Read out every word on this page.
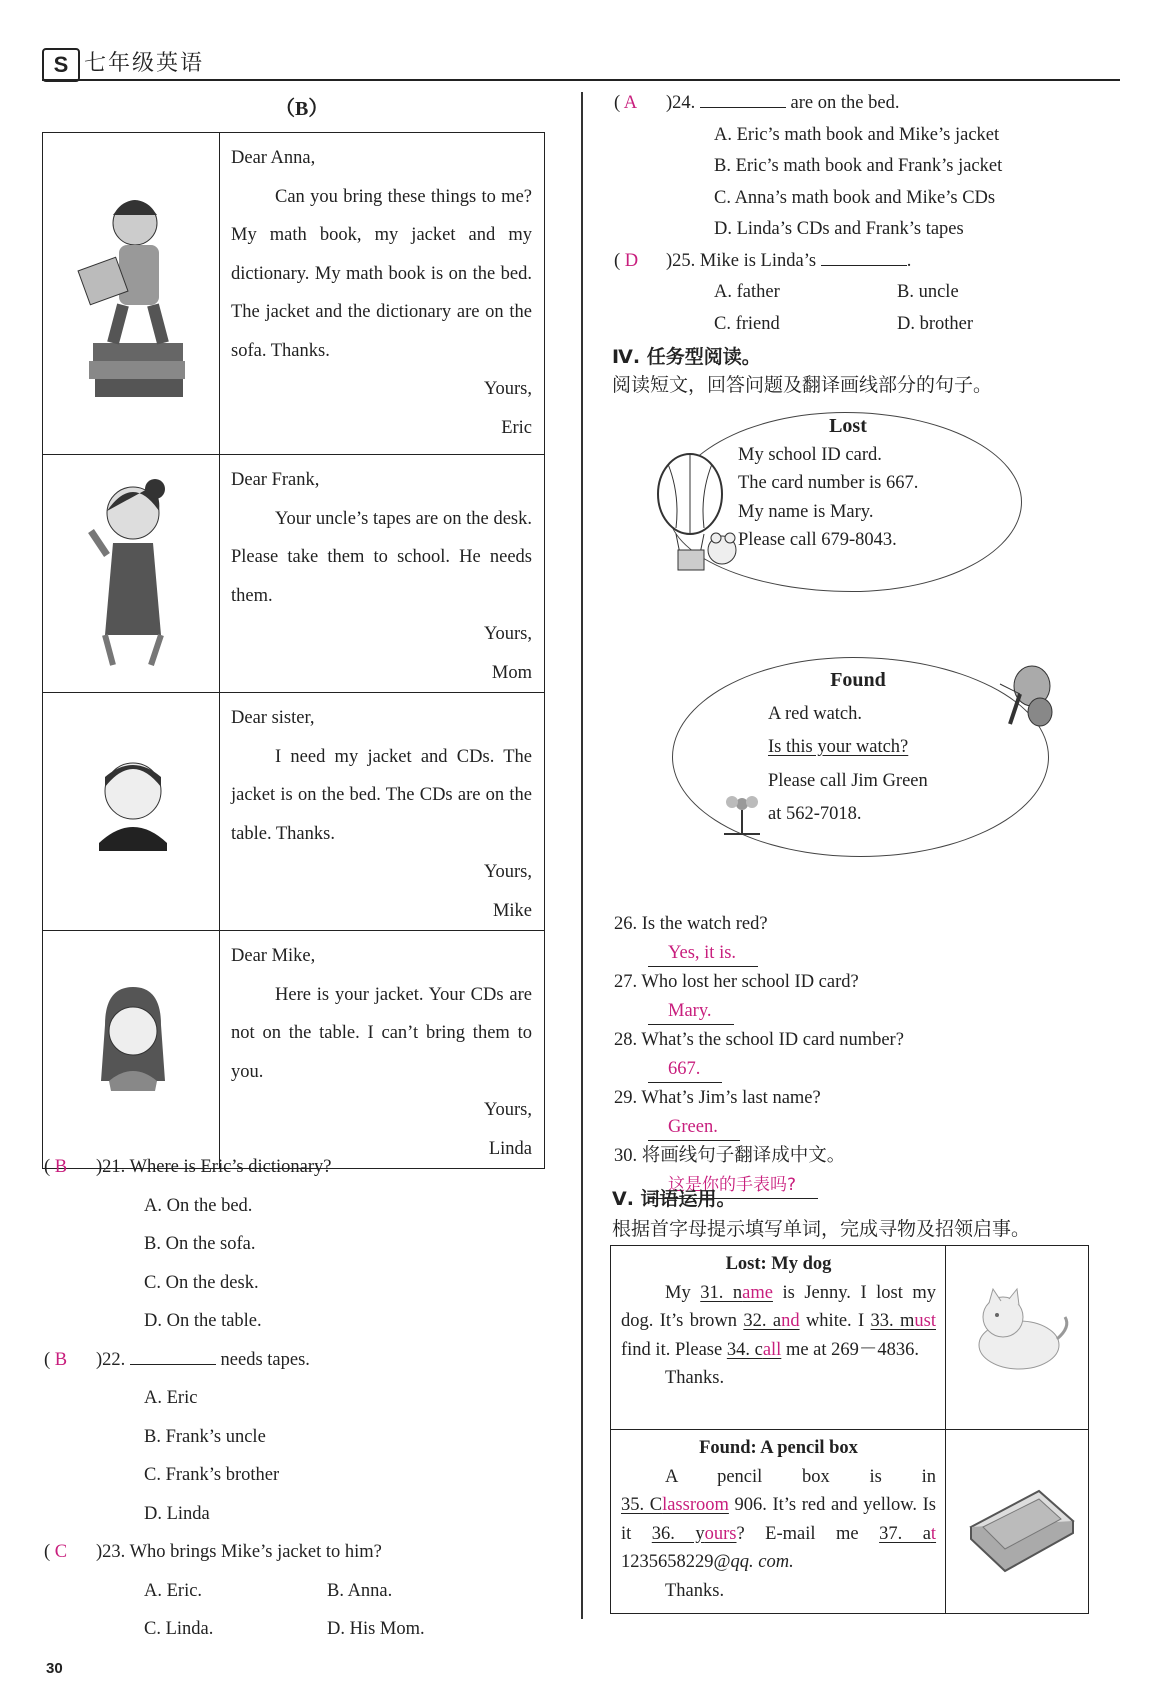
S 七年级英语
（B）

Dear Anna,
Can you bring these things to me? My math book, my jacket and my dictionary. My math book is on the bed. The jacket and the dictionary are on the sofa. Thanks.
Yours,
Eric

Dear Frank,
Your uncle’s tapes are on the desk. Please take them to school. He needs them.
Yours,
Mom

Dear sister,
I need my jacket and CDs. The jacket is on the bed. The CDs are on the table. Thanks.
Yours,
Mike

Dear Mike,
Here is your jacket. Your CDs are not on the table. I can’t bring them to you.
Yours,
Linda
( B )21. Where is Eric’s dictionary?
A. On the bed.
B. On the sofa.
C. On the desk.
D. On the table.
( B )22.	needs tapes.
A. Eric
B. Frank’s uncle
C. Frank’s brother
D. Linda
( C )23. Who brings Mike’s jacket to him?
A. Eric.	B. Anna.
C. Linda.	D. His Mom.
( A )24.	are on the bed.
A. Eric’s math book and Mike’s jacket
B. Eric’s math book and Frank’s jacket
C. Anna’s math book and Mike’s CDs
D. Linda’s CDs and Frank’s tapes
( D )25. Mike is Linda’s	.
A. father	B. uncle
C. friend	D. brother
Ⅳ. 任务型阅读。
阅读短文，回答问题及翻译画线部分的句子。
Lost
My school ID card.
The card number is 667.
My name is Mary.
Please call 679-8043.
Found
A red watch.
Is this your watch?
Please call Jim Green
at 562-7018.
26. Is the watch red?
Yes, it is.
27. Who lost her school ID card?
Mary.
28. What’s the school ID card number?
667.
29. What’s Jim’s last name?
Green.
30. 将画线句子翻译成中文。
这是你的手表吗?
Ⅴ. 词语运用。
根据首字母提示填写单词，完成寻物及招领启事。
Lost: My dog
My 31. name is Jenny. I lost my dog. It’s brown 32. and white. I 33. must find it. Please 34. call me at 269－4836.
Thanks.

Found: A pencil box
A pencil box is in 35. Classroom 906. It’s red and yellow. Is it 36. yours? E-mail me 37. at 1235658229@qq. com.
Thanks.

30
